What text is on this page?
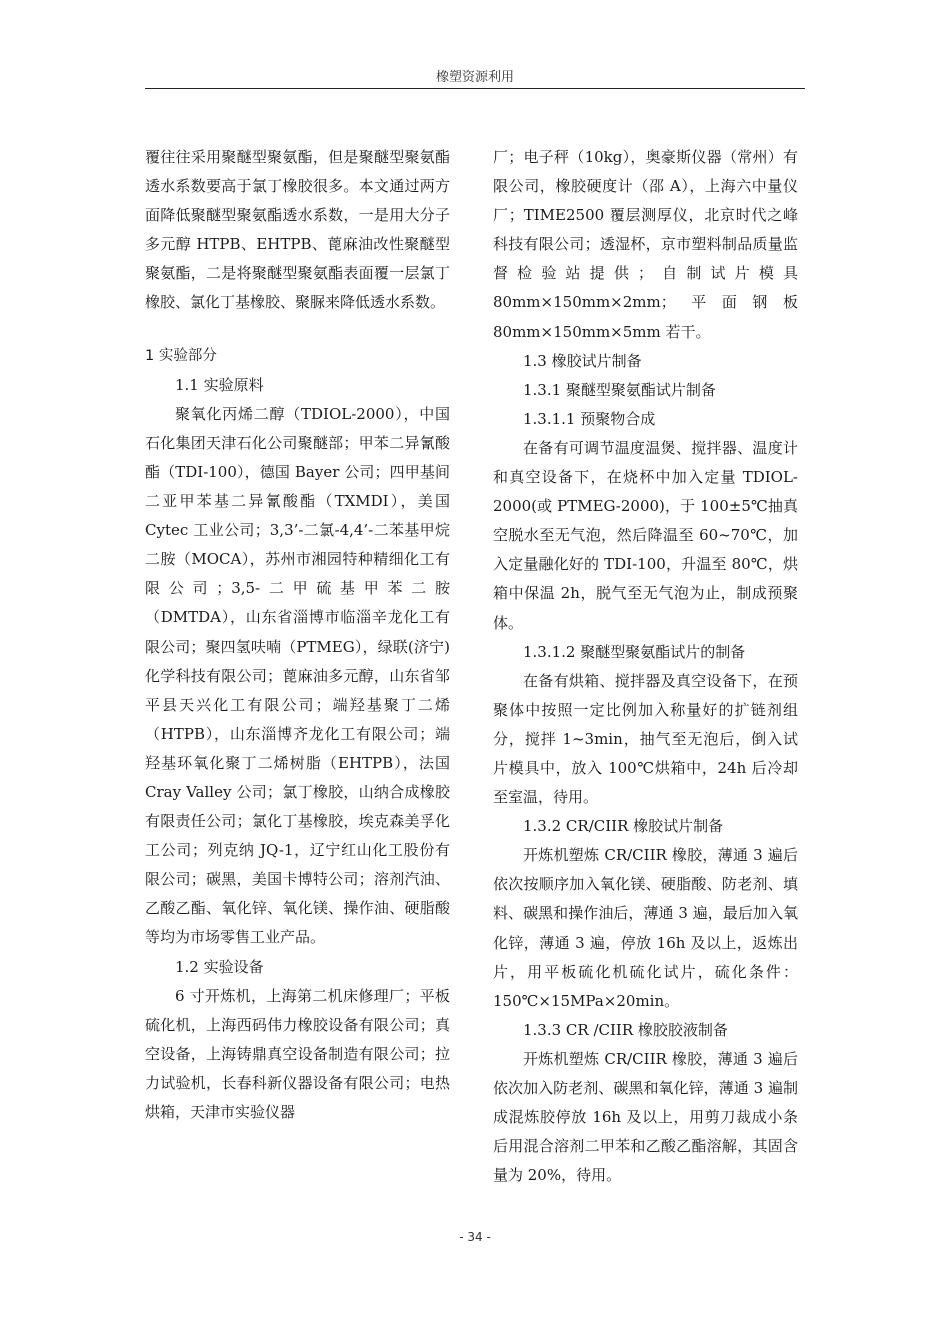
橡塑资源利用

覆往往采用聚醚型聚氨酯，但是聚醚型聚氨酯透水系数要高于氯丁橡胶很多。本文通过两方面降低聚醚型聚氨酯透水系数，一是用大分子多元醇 HTPB、EHTPB、蓖麻油改性聚醚型聚氨酯，二是将聚醚型聚氨酯表面覆一层氯丁橡胶、氯化丁基橡胶、聚脲来降低透水系数。

1 实验部分

1.1 实验原料

聚氧化丙烯二醇（TDIOL-2000），中国石化集团天津石化公司聚醚部；甲苯二异氰酸酯（TDI-100），德国 Bayer 公司；四甲基间二亚甲苯基二异氰酸酯（TXMDI），美国 Cytec 工业公司；3,3’-二氯-4,4’-二苯基甲烷二胺（MOCA），苏州市湘园特种精细化工有限公司；3,5-二甲硫基甲苯二胺（DMTDA），山东省淄博市临淄辛龙化工有限公司；聚四氢呋喃（PTMEG），绿联(济宁)化学科技有限公司；蓖麻油多元醇，山东省邹平县天兴化工有限公司；端羟基聚丁二烯（HTPB），山东淄博齐龙化工有限公司；端羟基环氧化聚丁二烯树脂（EHTPB），法国 Cray Valley 公司；氯丁橡胶，山纳合成橡胶有限责任公司；氯化丁基橡胶，埃克森美孚化工公司；列克纳 JQ-1，辽宁红山化工股份有限公司；碳黑，美国卡博特公司；溶剂汽油、乙酸乙酯、氧化锌、氧化镁、操作油、硬脂酸等均为市场零售工业产品。

1.2 实验设备

6 寸开炼机，上海第二机床修理厂；平板硫化机，上海西码伟力橡胶设备有限公司；真空设备，上海铸鼎真空设备制造有限公司；拉力试验机，长春科新仪器设备有限公司；电热烘箱，天津市实验仪器

厂；电子秤（10kg），奥豪斯仪器（常州）有限公司，橡胶硬度计（邵 A），上海六中量仪厂；TIME2500 覆层测厚仪，北京时代之峰科技有限公司；透湿杯，京市塑料制品质量监督检验站提供；自制试片模具 80mm×150mm×2mm；平面钢板 80mm×150mm×5mm 若干。

1.3 橡胶试片制备

1.3.1 聚醚型聚氨酯试片制备

1.3.1.1 预聚物合成

在备有可调节温度温煲、搅拌器、温度计和真空设备下，在烧杯中加入定量 TDIOL-2000(或 PTMEG-2000)，于 100±5℃抽真空脱水至无气泡，然后降温至 60~70℃，加入定量融化好的 TDI-100，升温至 80℃，烘箱中保温 2h，脱气至无气泡为止，制成预聚体。

1.3.1.2 聚醚型聚氨酯试片的制备

在备有烘箱、搅拌器及真空设备下，在预聚体中按照一定比例加入称量好的扩链剂组分，搅拌 1~3min，抽气至无泡后，倒入试片模具中，放入 100℃烘箱中，24h 后冷却至室温，待用。

1.3.2 CR/CIIR 橡胶试片制备

开炼机塑炼 CR/CIIR 橡胶，薄通 3 遍后依次按顺序加入氧化镁、硬脂酸、防老剂、填料、碳黑和操作油后，薄通 3 遍，最后加入氧化锌，薄通 3 遍，停放 16h 及以上，返炼出片，用平板硫化机硫化试片，硫化条件：150℃×15MPa×20min。

1.3.3 CR /CIIR 橡胶胶液制备

开炼机塑炼 CR/CIIR 橡胶，薄通 3 遍后依次加入防老剂、碳黑和氧化锌，薄通 3 遍制成混炼胶停放 16h 及以上，用剪刀裁成小条后用混合溶剂二甲苯和乙酸乙酯溶解，其固含量为 20%，待用。

- 34 -
